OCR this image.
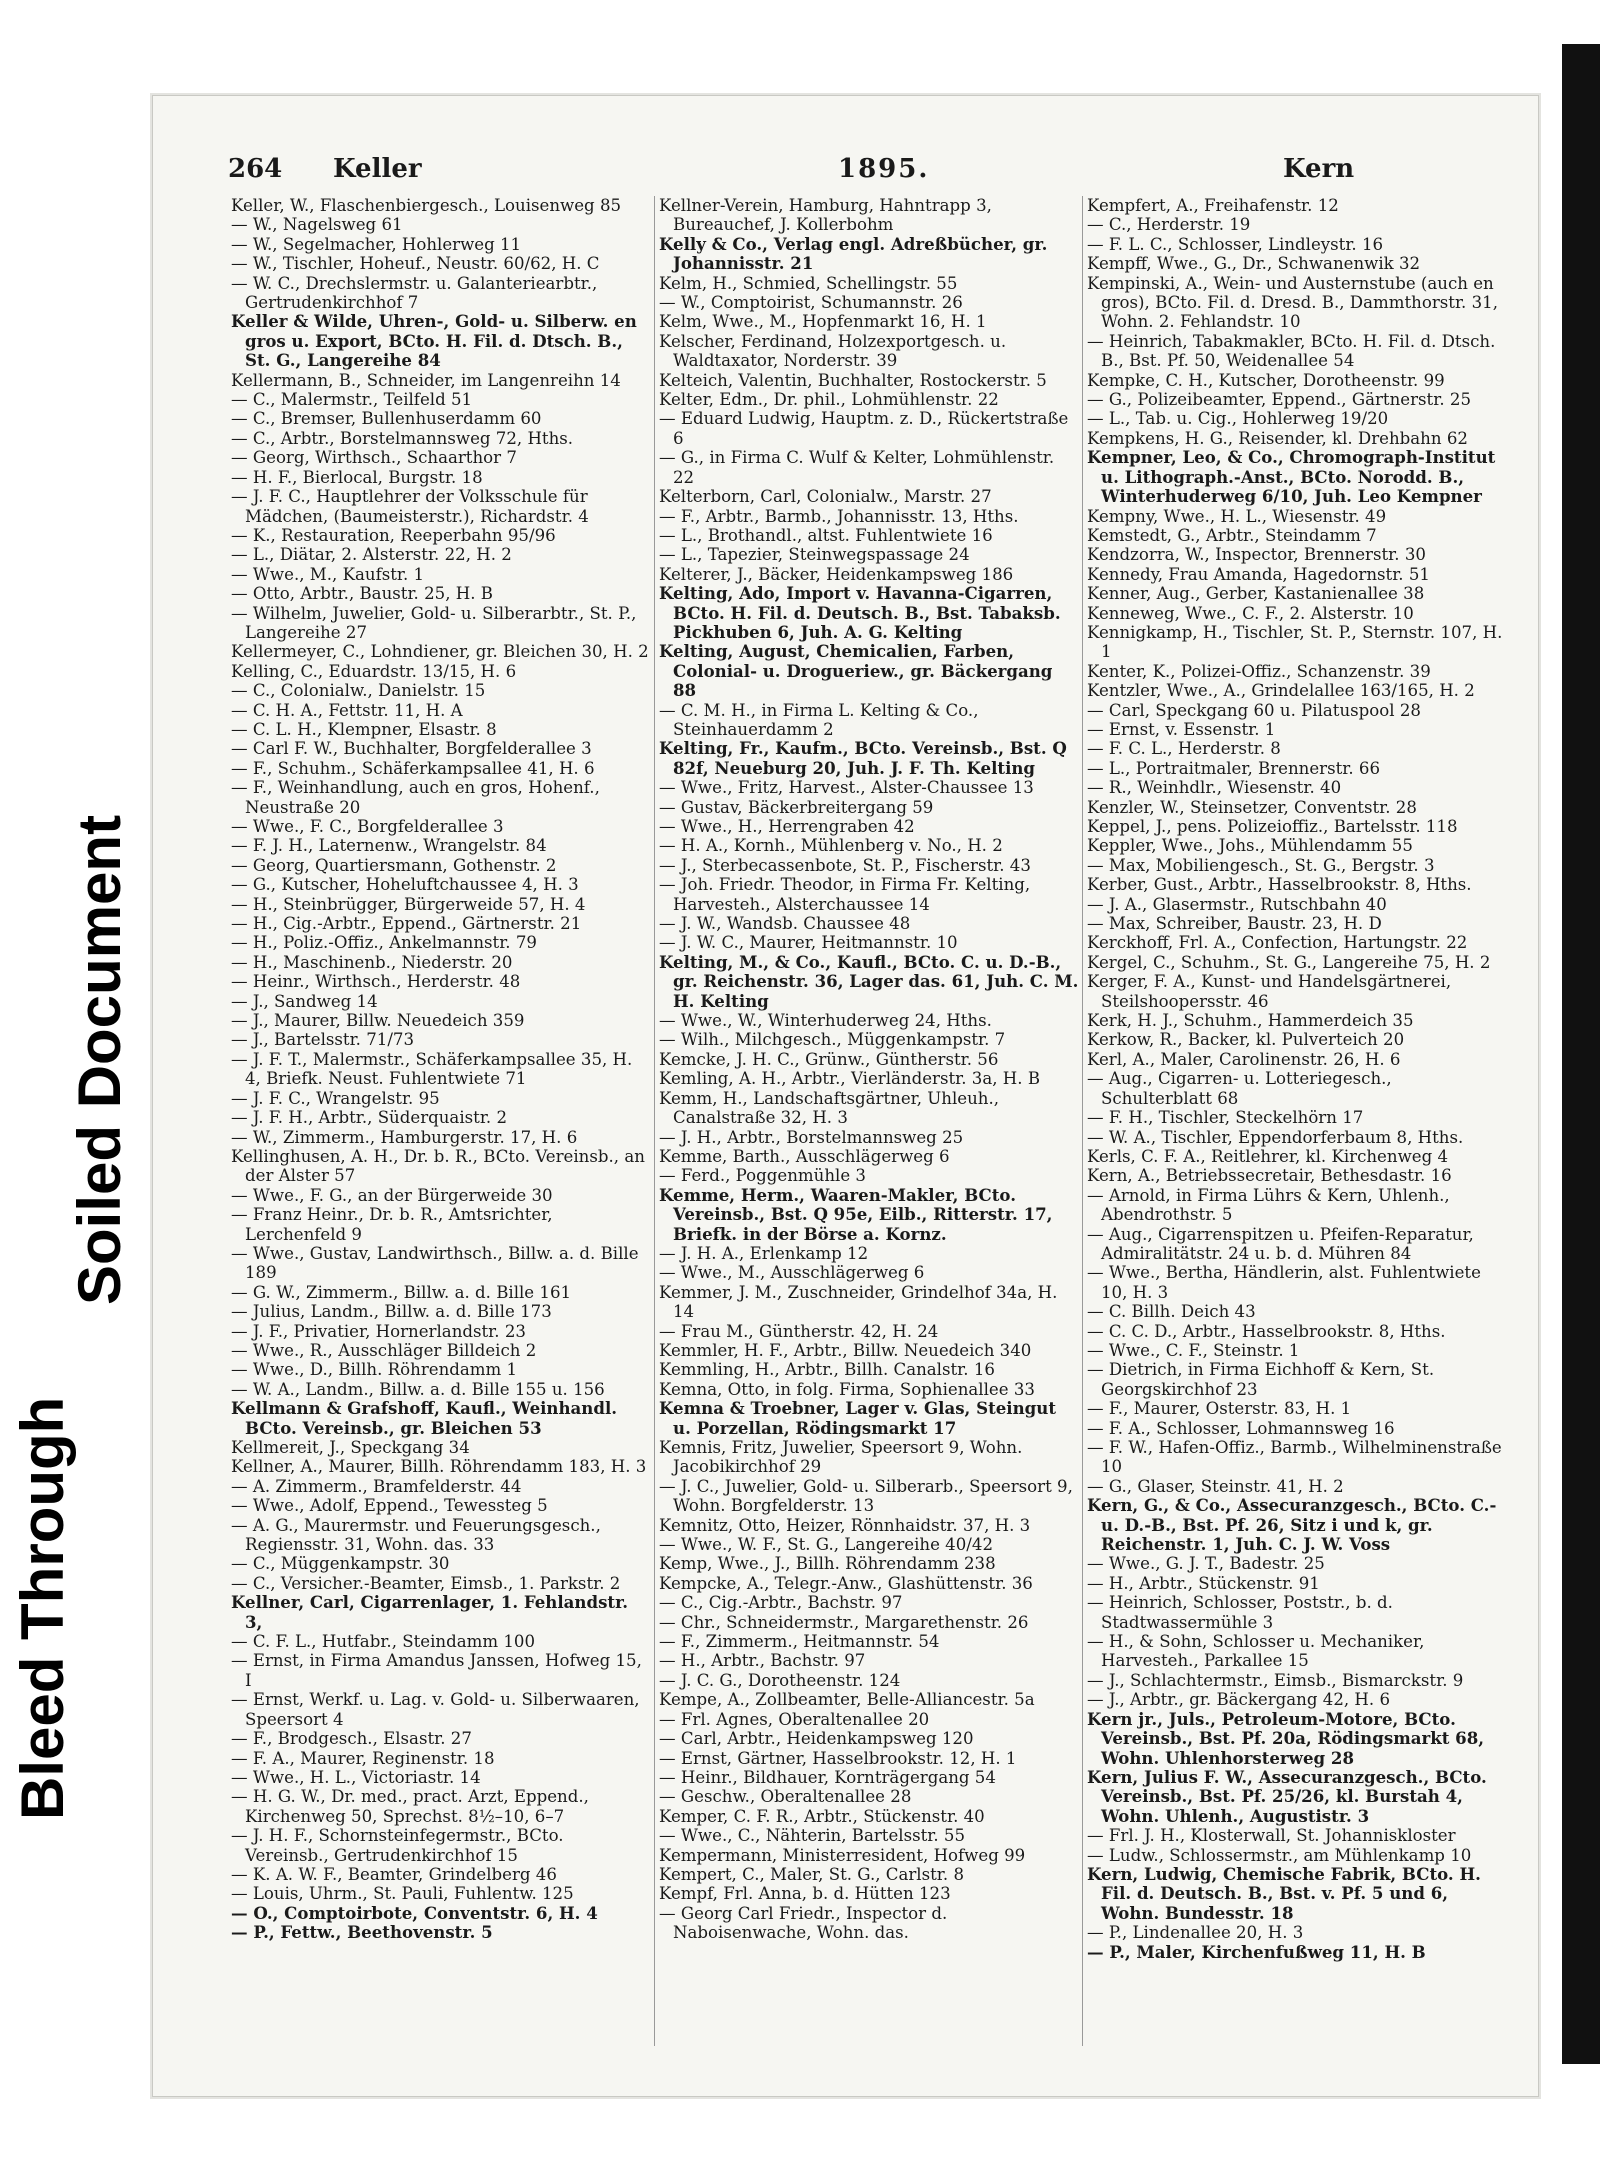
Bleed Through
Soiled Document
264 Keller	1895.	Kern

Keller, W., Flaschenbiergesch., Louisenweg 85

— W., Nagelsweg 61

— W., Segelmacher, Hohlerweg 11

— W., Tischler, Hoheuf., Neustr. 60/62, H. C

— W. C., Drechslermstr. u. Galanteriearbtr., Gertrudenkirchhof 7

Keller & Wilde, Uhren-, Gold- u. Silberw. en gros u. Export, BCto. H. Fil. d. Dtsch. B., St. G., Langereihe 84

Kellermann, B., Schneider, im Langenreihn 14

— C., Malermstr., Teilfeld 51

— C., Bremser, Bullenhuserdamm 60

— C., Arbtr., Borstelmannsweg 72, Hths.

— Georg, Wirthsch., Schaarthor 7

— H. F., Bierlocal, Burgstr. 18

— J. F. C., Hauptlehrer der Volksschule für Mädchen, (Baumeisterstr.), Richardstr. 4

— K., Restauration, Reeperbahn 95/96

— L., Diätar, 2. Alsterstr. 22, H. 2

— Wwe., M., Kaufstr. 1

— Otto, Arbtr., Baustr. 25, H. B

— Wilhelm, Juwelier, Gold- u. Silberarbtr., St. P., Langereihe 27

Kellermeyer, C., Lohndiener, gr. Bleichen 30, H. 2

Kelling, C., Eduardstr. 13/15, H. 6

— C., Colonialw., Danielstr. 15

— C. H. A., Fettstr. 11, H. A

— C. L. H., Klempner, Elsastr. 8

— Carl F. W., Buchhalter, Borgfelderallee 3

— F., Schuhm., Schäferkampsallee 41, H. 6

— F., Weinhandlung, auch en gros, Hohenf., Neustraße 20

— Wwe., F. C., Borgfelderallee 3

— F. J. H., Laternenw., Wrangelstr. 84

— Georg, Quartiersmann, Gothenstr. 2

— G., Kutscher, Hoheluftchaussee 4, H. 3

— H., Steinbrügger, Bürgerweide 57, H. 4

— H., Cig.-Arbtr., Eppend., Gärtnerstr. 21

— H., Poliz.-Offiz., Ankelmannstr. 79

— H., Maschinenb., Niederstr. 20

— Heinr., Wirthsch., Herderstr. 48

— J., Sandweg 14

— J., Maurer, Billw. Neuedeich 359

— J., Bartelsstr. 71/73

— J. F. T., Malermstr., Schäferkampsallee 35, H. 4, Briefk. Neust. Fuhlentwiete 71

— J. F. C., Wrangelstr. 95

— J. F. H., Arbtr., Süderquaistr. 2

— W., Zimmerm., Hamburgerstr. 17, H. 6

Kellinghusen, A. H., Dr. b. R., BCto. Vereinsb., an der Alster 57

— Wwe., F. G., an der Bürgerweide 30

— Franz Heinr., Dr. b. R., Amtsrichter, Lerchenfeld 9

— Wwe., Gustav, Landwirthsch., Billw. a. d. Bille 189

— G. W., Zimmerm., Billw. a. d. Bille 161

— Julius, Landm., Billw. a. d. Bille 173

— J. F., Privatier, Hornerlandstr. 23

— Wwe., R., Ausschläger Billdeich 2

— Wwe., D., Billh. Röhrendamm 1

— W. A., Landm., Billw. a. d. Bille 155 u. 156

Kellmann & Grafshoff, Kaufl., Weinhandl. BCto. Vereinsb., gr. Bleichen 53

Kellmereit, J., Speckgang 34

Kellner, A., Maurer, Billh. Röhrendamm 183, H. 3

— A. Zimmerm., Bramfelderstr. 44

— Wwe., Adolf, Eppend., Tewessteg 5

— A. G., Maurermstr. und Feuerungsgesch., Regiensstr. 31, Wohn. das. 33

— C., Müggenkampstr. 30

— C., Versicher.-Beamter, Eimsb., 1. Parkstr. 2

Kellner, Carl, Cigarrenlager, 1. Fehlandstr. 3,

— C. F. L., Hutfabr., Steindamm 100

— Ernst, in Firma Amandus Janssen, Hofweg 15, I

— Ernst, Werkf. u. Lag. v. Gold- u. Silberwaaren, Speersort 4

— F., Brodgesch., Elsastr. 27

— F. A., Maurer, Reginenstr. 18

— Wwe., H. L., Victoriastr. 14

— H. G. W., Dr. med., pract. Arzt, Eppend., Kirchenweg 50, Sprechst. 8½–10, 6–7

— J. H. F., Schornsteinfegermstr., BCto. Vereinsb., Gertrudenkirchhof 15

— K. A. W. F., Beamter, Grindelberg 46

— Louis, Uhrm., St. Pauli, Fuhlentw. 125

— O., Comptoirbote, Conventstr. 6, H. 4

— P., Fettw., Beethovenstr. 5

Kellner-Verein, Hamburg, Hahntrapp 3, Bureauchef, J. Kollerbohm

Kelly & Co., Verlag engl. Adreßbücher, gr. Johannisstr. 21

Kelm, H., Schmied, Schellingstr. 55

— W., Comptoirist, Schumannstr. 26

Kelm, Wwe., M., Hopfenmarkt 16, H. 1

Kelscher, Ferdinand, Holzexportgesch. u. Waldtaxator, Norderstr. 39

Kelteich, Valentin, Buchhalter, Rostockerstr. 5

Kelter, Edm., Dr. phil., Lohmühlenstr. 22

— Eduard Ludwig, Hauptm. z. D., Rückertstraße 6

— G., in Firma C. Wulf & Kelter, Lohmühlenstr. 22

Kelterborn, Carl, Colonialw., Marstr. 27

— F., Arbtr., Barmb., Johannisstr. 13, Hths.

— L., Brothandl., altst. Fuhlentwiete 16

— L., Tapezier, Steinwegspassage 24

Kelterer, J., Bäcker, Heidenkampsweg 186

Kelting, Ado, Import v. Havanna-Cigarren, BCto. H. Fil. d. Deutsch. B., Bst. Tabaksb. Pickhuben 6, Juh. A. G. Kelting

Kelting, August, Chemicalien, Farben, Colonial- u. Drogueriew., gr. Bäckergang 88

— C. M. H., in Firma L. Kelting & Co., Steinhauerdamm 2

Kelting, Fr., Kaufm., BCto. Vereinsb., Bst. Q 82f, Neueburg 20, Juh. J. F. Th. Kelting

— Wwe., Fritz, Harvest., Alster-Chaussee 13

— Gustav, Bäckerbreitergang 59

— Wwe., H., Herrengraben 42

— H. A., Kornh., Mühlenberg v. No., H. 2

— J., Sterbecassenbote, St. P., Fischerstr. 43

— Joh. Friedr. Theodor, in Firma Fr. Kelting, Harvesteh., Alsterchaussee 14

— J. W., Wandsb. Chaussee 48

— J. W. C., Maurer, Heitmannstr. 10

Kelting, M., & Co., Kaufl., BCto. C. u. D.-B., gr. Reichenstr. 36, Lager das. 61, Juh. C. M. H. Kelting

— Wwe., W., Winterhuderweg 24, Hths.

— Wilh., Milchgesch., Müggenkampstr. 7

Kemcke, J. H. C., Grünw., Güntherstr. 56

Kemling, A. H., Arbtr., Vierländerstr. 3a, H. B

Kemm, H., Landschaftsgärtner, Uhleuh., Canalstraße 32, H. 3

— J. H., Arbtr., Borstelmannsweg 25

Kemme, Barth., Ausschlägerweg 6

— Ferd., Poggenmühle 3

Kemme, Herm., Waaren-Makler, BCto. Vereinsb., Bst. Q 95e, Eilb., Ritterstr. 17, Briefk. in der Börse a. Kornz.

— J. H. A., Erlenkamp 12

— Wwe., M., Ausschlägerweg 6

Kemmer, J. M., Zuschneider, Grindelhof 34a, H. 14

— Frau M., Güntherstr. 42, H. 24

Kemmler, H. F., Arbtr., Billw. Neuedeich 340

Kemmling, H., Arbtr., Billh. Canalstr. 16

Kemna, Otto, in folg. Firma, Sophienallee 33

Kemna & Troebner, Lager v. Glas, Steingut u. Porzellan, Rödingsmarkt 17

Kemnis, Fritz, Juwelier, Speersort 9, Wohn. Jacobikirchhof 29

— J. C., Juwelier, Gold- u. Silberarb., Speersort 9, Wohn. Borgfelderstr. 13

Kemnitz, Otto, Heizer, Rönnhaidstr. 37, H. 3

— Wwe., W. F., St. G., Langereihe 40/42

Kemp, Wwe., J., Billh. Röhrendamm 238

Kempcke, A., Telegr.-Anw., Glashüttenstr. 36

— C., Cig.-Arbtr., Bachstr. 97

— Chr., Schneidermstr., Margarethenstr. 26

— F., Zimmerm., Heitmannstr. 54

— H., Arbtr., Bachstr. 97

— J. C. G., Dorotheenstr. 124

Kempe, A., Zollbeamter, Belle-Alliancestr. 5a

— Frl. Agnes, Oberaltenallee 20

— Carl, Arbtr., Heidenkampsweg 120

— Ernst, Gärtner, Hasselbrookstr. 12, H. 1

— Heinr., Bildhauer, Kornträgergang 54

— Geschw., Oberaltenallee 28

Kemper, C. F. R., Arbtr., Stückenstr. 40

— Wwe., C., Nähterin, Bartelsstr. 55

Kempermann, Ministerresident, Hofweg 99

Kempert, C., Maler, St. G., Carlstr. 8

Kempf, Frl. Anna, b. d. Hütten 123

— Georg Carl Friedr., Inspector d. Naboisenwache, Wohn. das.

Kempfert, A., Freihafenstr. 12

— C., Herderstr. 19

— F. L. C., Schlosser, Lindleystr. 16

Kempff, Wwe., G., Dr., Schwanenwik 32

Kempinski, A., Wein- und Austernstube (auch en gros), BCto. Fil. d. Dresd. B., Dammthorstr. 31, Wohn. 2. Fehlandstr. 10

— Heinrich, Tabakmakler, BCto. H. Fil. d. Dtsch. B., Bst. Pf. 50, Weidenallee 54

Kempke, C. H., Kutscher, Dorotheenstr. 99

— G., Polizeibeamter, Eppend., Gärtnerstr. 25

— L., Tab. u. Cig., Hohlerweg 19/20

Kempkens, H. G., Reisender, kl. Drehbahn 62

Kempner, Leo, & Co., Chromograph-Institut u. Lithograph.-Anst., BCto. Norodd. B., Winterhuderweg 6/10, Juh. Leo Kempner

Kempny, Wwe., H. L., Wiesenstr. 49

Kemstedt, G., Arbtr., Steindamm 7

Kendzorra, W., Inspector, Brennerstr. 30

Kennedy, Frau Amanda, Hagedornstr. 51

Kenner, Aug., Gerber, Kastanienallee 38

Kenneweg, Wwe., C. F., 2. Alsterstr. 10

Kennigkamp, H., Tischler, St. P., Sternstr. 107, H. 1

Kenter, K., Polizei-Offiz., Schanzenstr. 39

Kentzler, Wwe., A., Grindelallee 163/165, H. 2

— Carl, Speckgang 60 u. Pilatuspool 28

— Ernst, v. Essenstr. 1

— F. C. L., Herderstr. 8

— L., Portraitmaler, Brennerstr. 66

— R., Weinhdlr., Wiesenstr. 40

Kenzler, W., Steinsetzer, Conventstr. 28

Keppel, J., pens. Polizeioffiz., Bartelsstr. 118

Keppler, Wwe., Johs., Mühlendamm 55

— Max, Mobiliengesch., St. G., Bergstr. 3

Kerber, Gust., Arbtr., Hasselbrookstr. 8, Hths.

— J. A., Glasermstr., Rutschbahn 40

— Max, Schreiber, Baustr. 23, H. D

Kerckhoff, Frl. A., Confection, Hartungstr. 22

Kergel, C., Schuhm., St. G., Langereihe 75, H. 2

Kerger, F. A., Kunst- und Handelsgärtnerei, Steilshoopersstr. 46

Kerk, H. J., Schuhm., Hammerdeich 35

Kerkow, R., Backer, kl. Pulverteich 20

Kerl, A., Maler, Carolinenstr. 26, H. 6

— Aug., Cigarren- u. Lotteriegesch., Schulterblatt 68

— F. H., Tischler, Steckelhörn 17

— W. A., Tischler, Eppendorferbaum 8, Hths.

Kerls, C. F. A., Reitlehrer, kl. Kirchenweg 4

Kern, A., Betriebssecretair, Bethesdastr. 16

— Arnold, in Firma Lührs & Kern, Uhlenh., Abendrothstr. 5

— Aug., Cigarrenspitzen u. Pfeifen-Reparatur, Admiralitätstr. 24 u. b. d. Mühren 84

— Wwe., Bertha, Händlerin, alst. Fuhlentwiete 10, H. 3

— C. Billh. Deich 43

— C. C. D., Arbtr., Hasselbrookstr. 8, Hths.

— Wwe., C. F., Steinstr. 1

— Dietrich, in Firma Eichhoff & Kern, St. Georgskirchhof 23

— F., Maurer, Osterstr. 83, H. 1

— F. A., Schlosser, Lohmannsweg 16

— F. W., Hafen-Offiz., Barmb., Wilhelminenstraße 10

— G., Glaser, Steinstr. 41, H. 2

Kern, G., & Co., Assecuranzgesch., BCto. C.- u. D.-B., Bst. Pf. 26, Sitz i und k, gr. Reichenstr. 1, Juh. C. J. W. Voss

— Wwe., G. J. T., Badestr. 25

— H., Arbtr., Stückenstr. 91

— Heinrich, Schlosser, Poststr., b. d. Stadtwassermühle 3

— H., & Sohn, Schlosser u. Mechaniker, Harvesteh., Parkallee 15

— J., Schlachtermstr., Eimsb., Bismarckstr. 9

— J., Arbtr., gr. Bäckergang 42, H. 6

Kern jr., Juls., Petroleum-Motore, BCto. Vereinsb., Bst. Pf. 20a, Rödingsmarkt 68, Wohn. Uhlenhorsterweg 28

Kern, Julius F. W., Assecuranzgesch., BCto. Vereinsb., Bst. Pf. 25/26, kl. Burstah 4, Wohn. Uhlenh., Augustistr. 3

— Frl. J. H., Klosterwall, St. Johanniskloster

— Ludw., Schlossermstr., am Mühlenkamp 10

Kern, Ludwig, Chemische Fabrik, BCto. H. Fil. d. Deutsch. B., Bst. v. Pf. 5 und 6, Wohn. Bundesstr. 18

— P., Lindenallee 20, H. 3

— P., Maler, Kirchenfußweg 11, H. B
